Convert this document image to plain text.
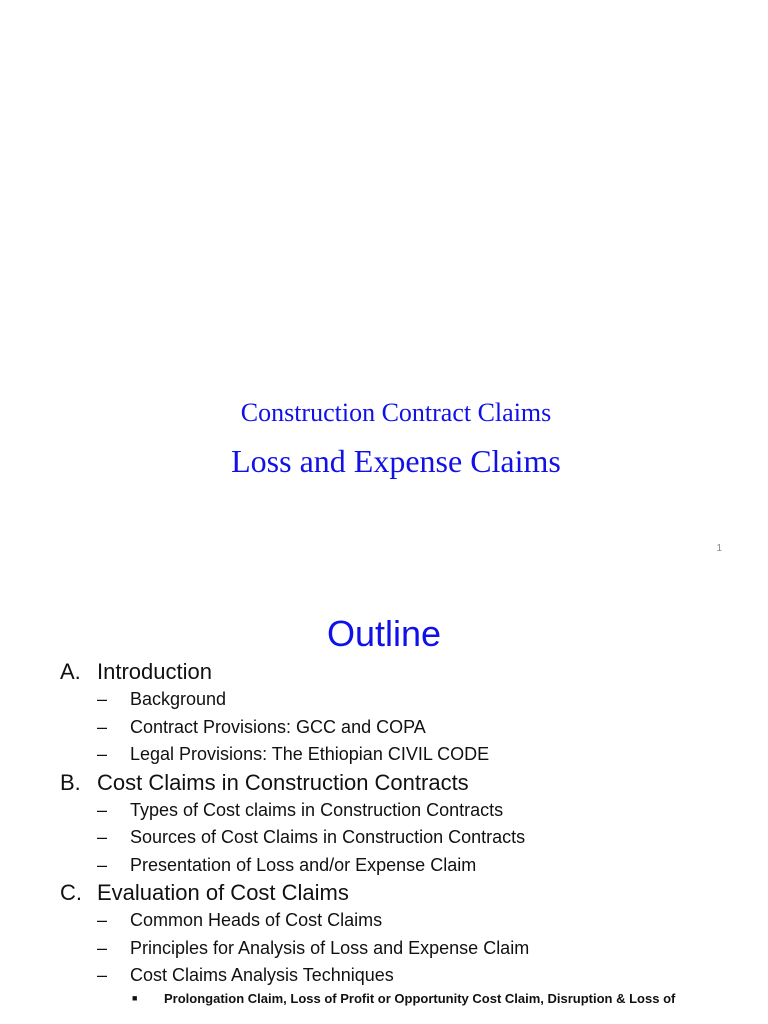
Construction Contract Claims
Loss and Expense Claims
1
Outline
A. Introduction
– Background
– Contract Provisions: GCC and COPA
– Legal Provisions: The Ethiopian CIVIL CODE
B. Cost Claims in Construction Contracts
– Types of Cost claims in Construction Contracts
– Sources of Cost Claims in Construction Contracts
– Presentation of Loss and/or Expense Claim
C. Evaluation of Cost Claims
– Common Heads of Cost Claims
– Principles for Analysis of Loss and Expense Claim
– Cost Claims Analysis Techniques
■ Prolongation Claim, Loss of Profit or Opportunity Cost Claim, Disruption & Loss of
